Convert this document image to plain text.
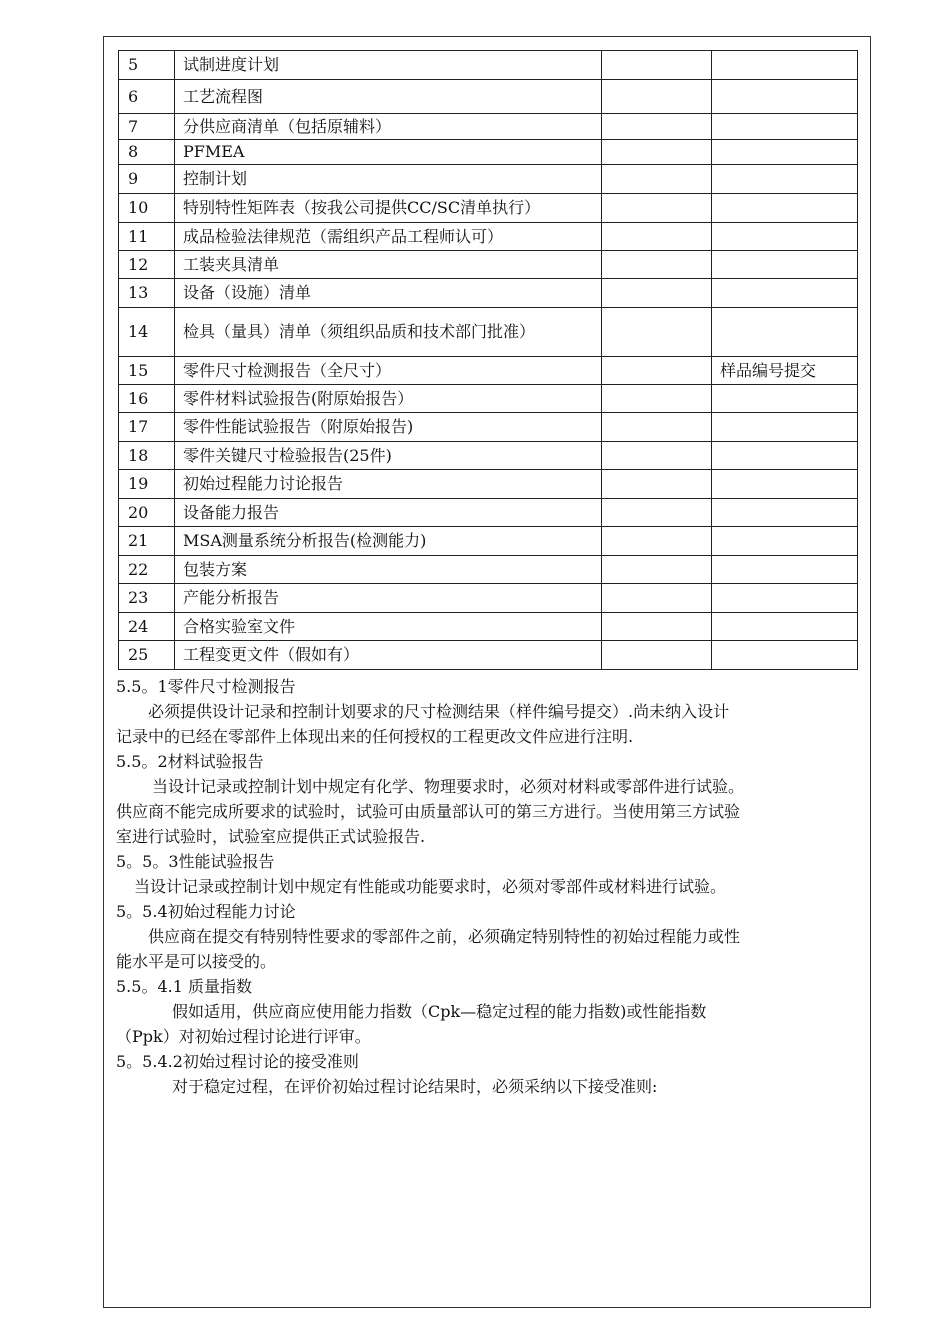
5	试制进度计划		
6	工艺流程图		
7	分供应商清单（包括原辅料）		
8	PFMEA		
9	控制计划		
10	特别特性矩阵表（按我公司提供CC/SC清单执行）		
11	成品检验法律规范（需组织产品工程师认可）		
12	工装夹具清单		
13	设备（设施）清单		
14	检具（量具）清单（须组织品质和技术部门批准）		
15	零件尺寸检测报告（全尺寸）		样品编号提交
16	零件材料试验报告(附原始报告）		
17	零件性能试验报告（附原始报告)		
18	零件关键尺寸检验报告(25件)		
19	初始过程能力讨论报告		
20	设备能力报告		
21	MSA测量系统分析报告(检测能力)		
22	包装方案		
23	产能分析报告		
24	合格实验室文件		
25	工程变更文件（假如有）		

5.5。1零件尺寸检测报告

必须提供设计记录和控制计划要求的尺寸检测结果（样件编号提交）.尚未纳入设计

记录中的已经在零部件上体现出来的任何授权的工程更改文件应进行注明.

5.5。2材料试验报告

当设计记录或控制计划中规定有化学、物理要求时，必须对材料或零部件进行试验。

供应商不能完成所要求的试验时，试验可由质量部认可的第三方进行。当使用第三方试验

室进行试验时，试验室应提供正式试验报告.

5。5。3性能试验报告

当设计记录或控制计划中规定有性能或功能要求时，必须对零部件或材料进行试验。

5。5.4初始过程能力讨论

供应商在提交有特别特性要求的零部件之前，必须确定特别特性的初始过程能力或性

能水平是可以接受的。

5.5。4.1 质量指数

假如适用，供应商应使用能力指数（Cpk—稳定过程的能力指数)或性能指数

（Ppk）对初始过程讨论进行评审。

5。5.4.2初始过程讨论的接受准则

对于稳定过程，在评价初始过程讨论结果时，必须采纳以下接受准则:
